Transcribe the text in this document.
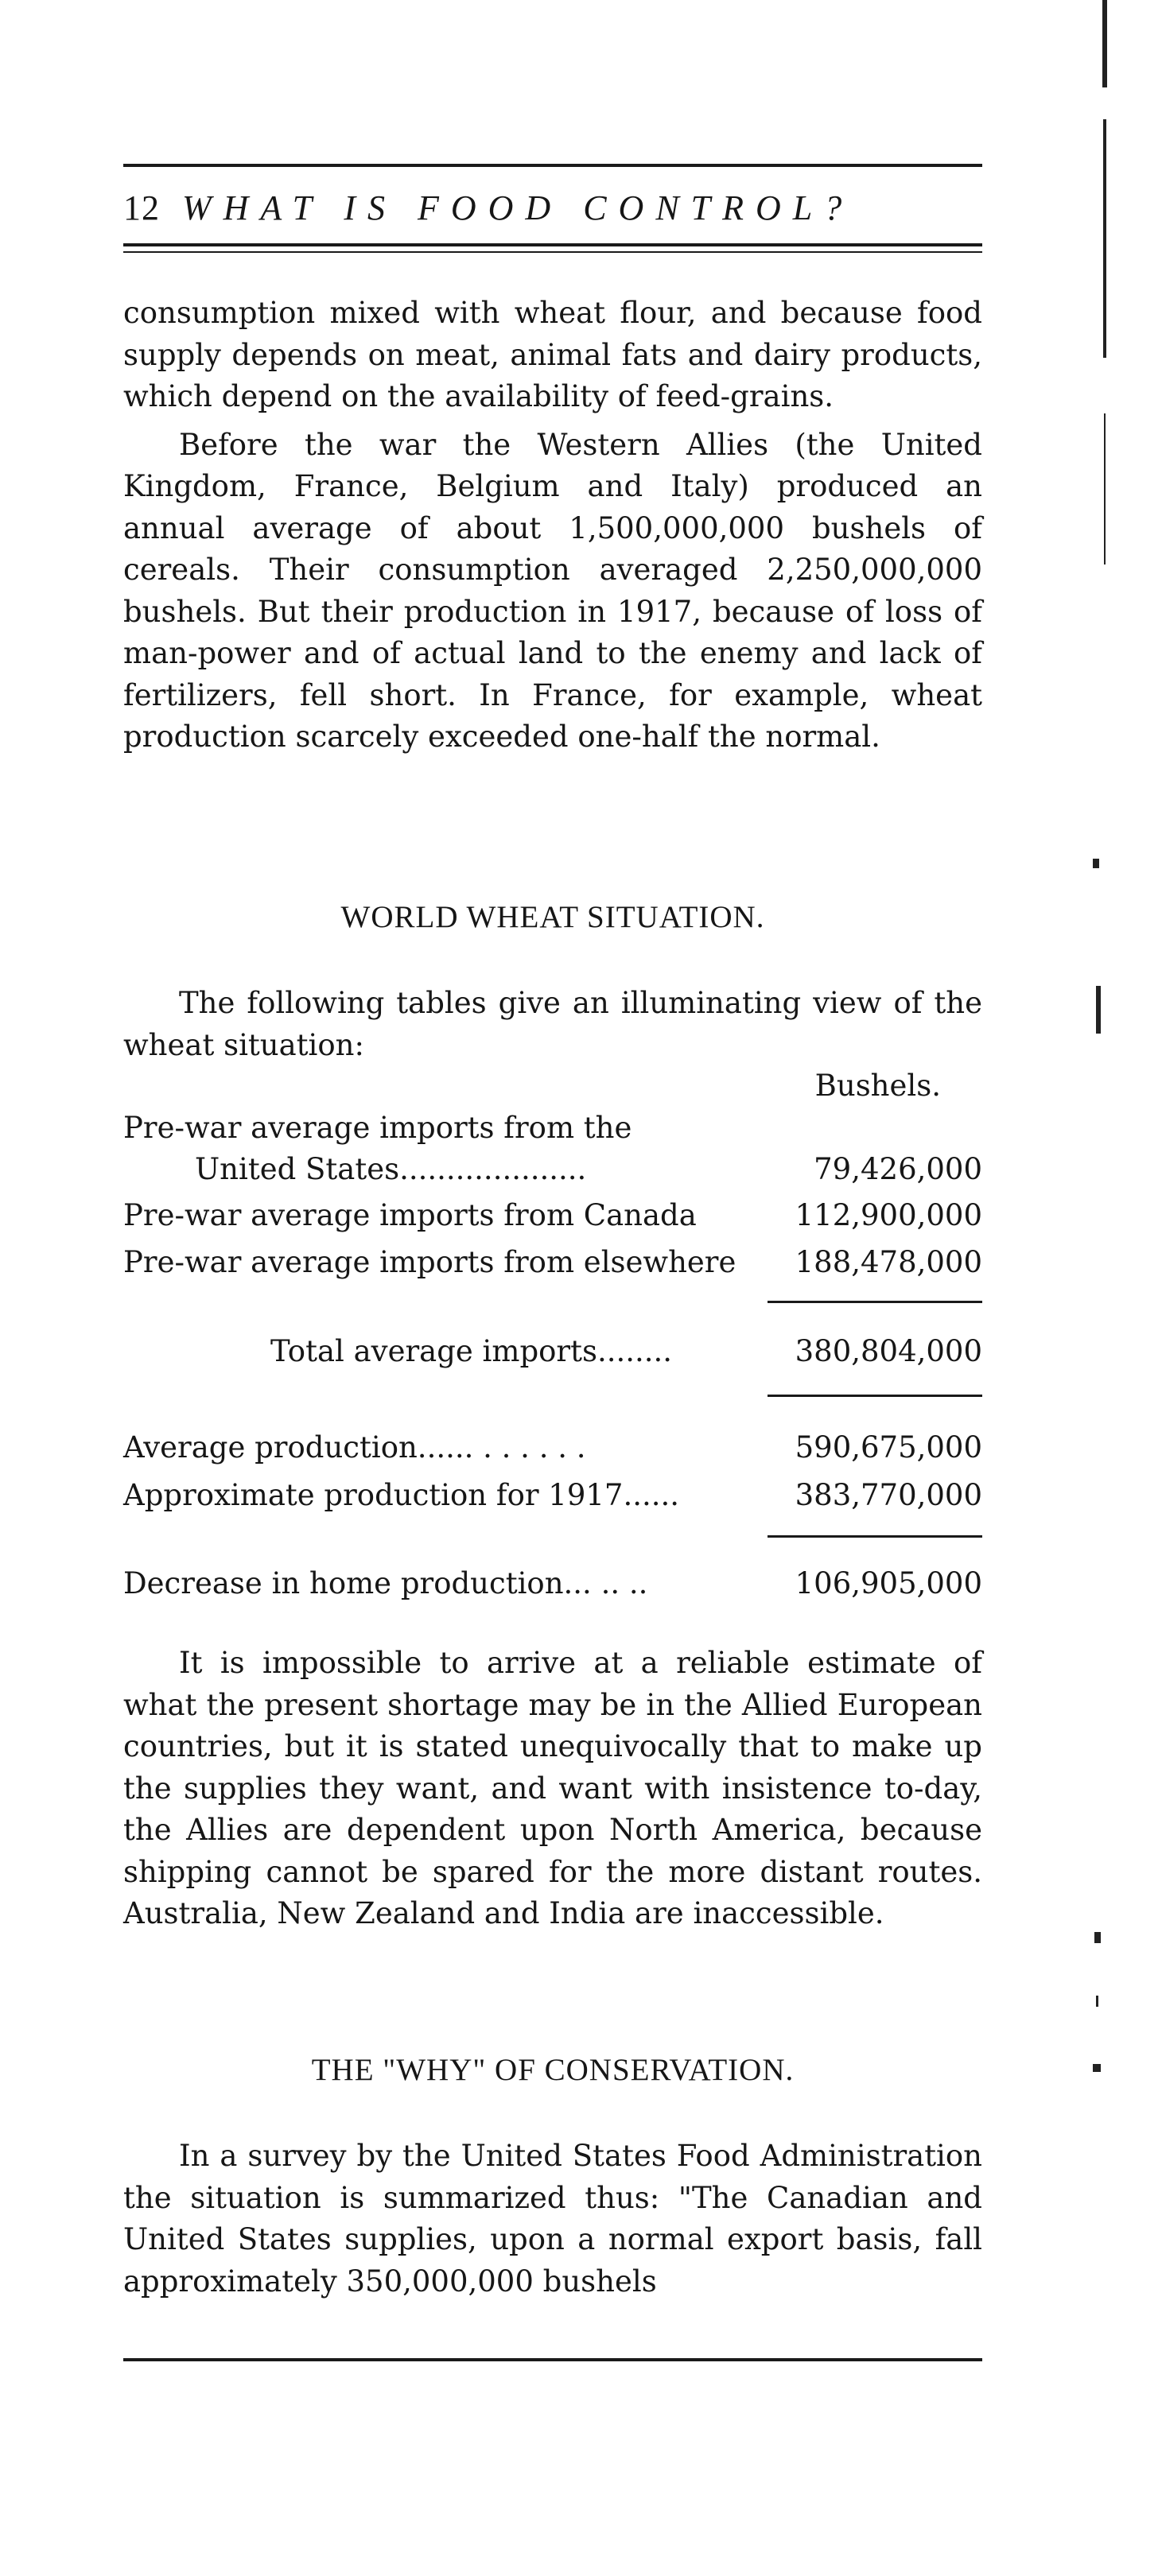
12 WHAT IS FOOD CONTROL?

consumption mixed with wheat flour, and because food supply depends on meat, animal fats and dairy products, which depend on the availability of feed-grains.

Before the war the Western Allies (the United Kingdom, France, Belgium and Italy) produced an annual average of about 1,500,000,000 bushels of cereals. Their consumption averaged 2,250,000,000 bushels. But their production in 1917, because of loss of man-power and of actual land to the enemy and lack of fertilizers, fell short. In France, for example, wheat production scarcely exceeded one-half the normal.

WORLD WHEAT SITUATION.

The following tables give an illuminating view of the wheat situation:

Bushels.
Pre-war average imports from the
United States....................	79,426,000
Pre-war average imports from Canada	112,900,000
Pre-war average imports from elsewhere 188,478,000
Total average imports........	380,804,000
Average production...... . . . . . .	590,675,000
Approximate production for 1917......	383,770,000
Decrease in home production... .. ..	106,905,000

It is impossible to arrive at a reliable estimate of what the present shortage may be in the Allied European countries, but it is stated unequivocally that to make up the supplies they want, and want with insistence to-day, the Allies are dependent upon North America, because shipping cannot be spared for the more distant routes. Australia, New Zealand and India are inaccessible.

THE "WHY" OF CONSERVATION.

In a survey by the United States Food Administration the situation is summarized thus: "The Canadian and United States supplies, upon a normal export basis, fall approximately 350,000,000 bushels
